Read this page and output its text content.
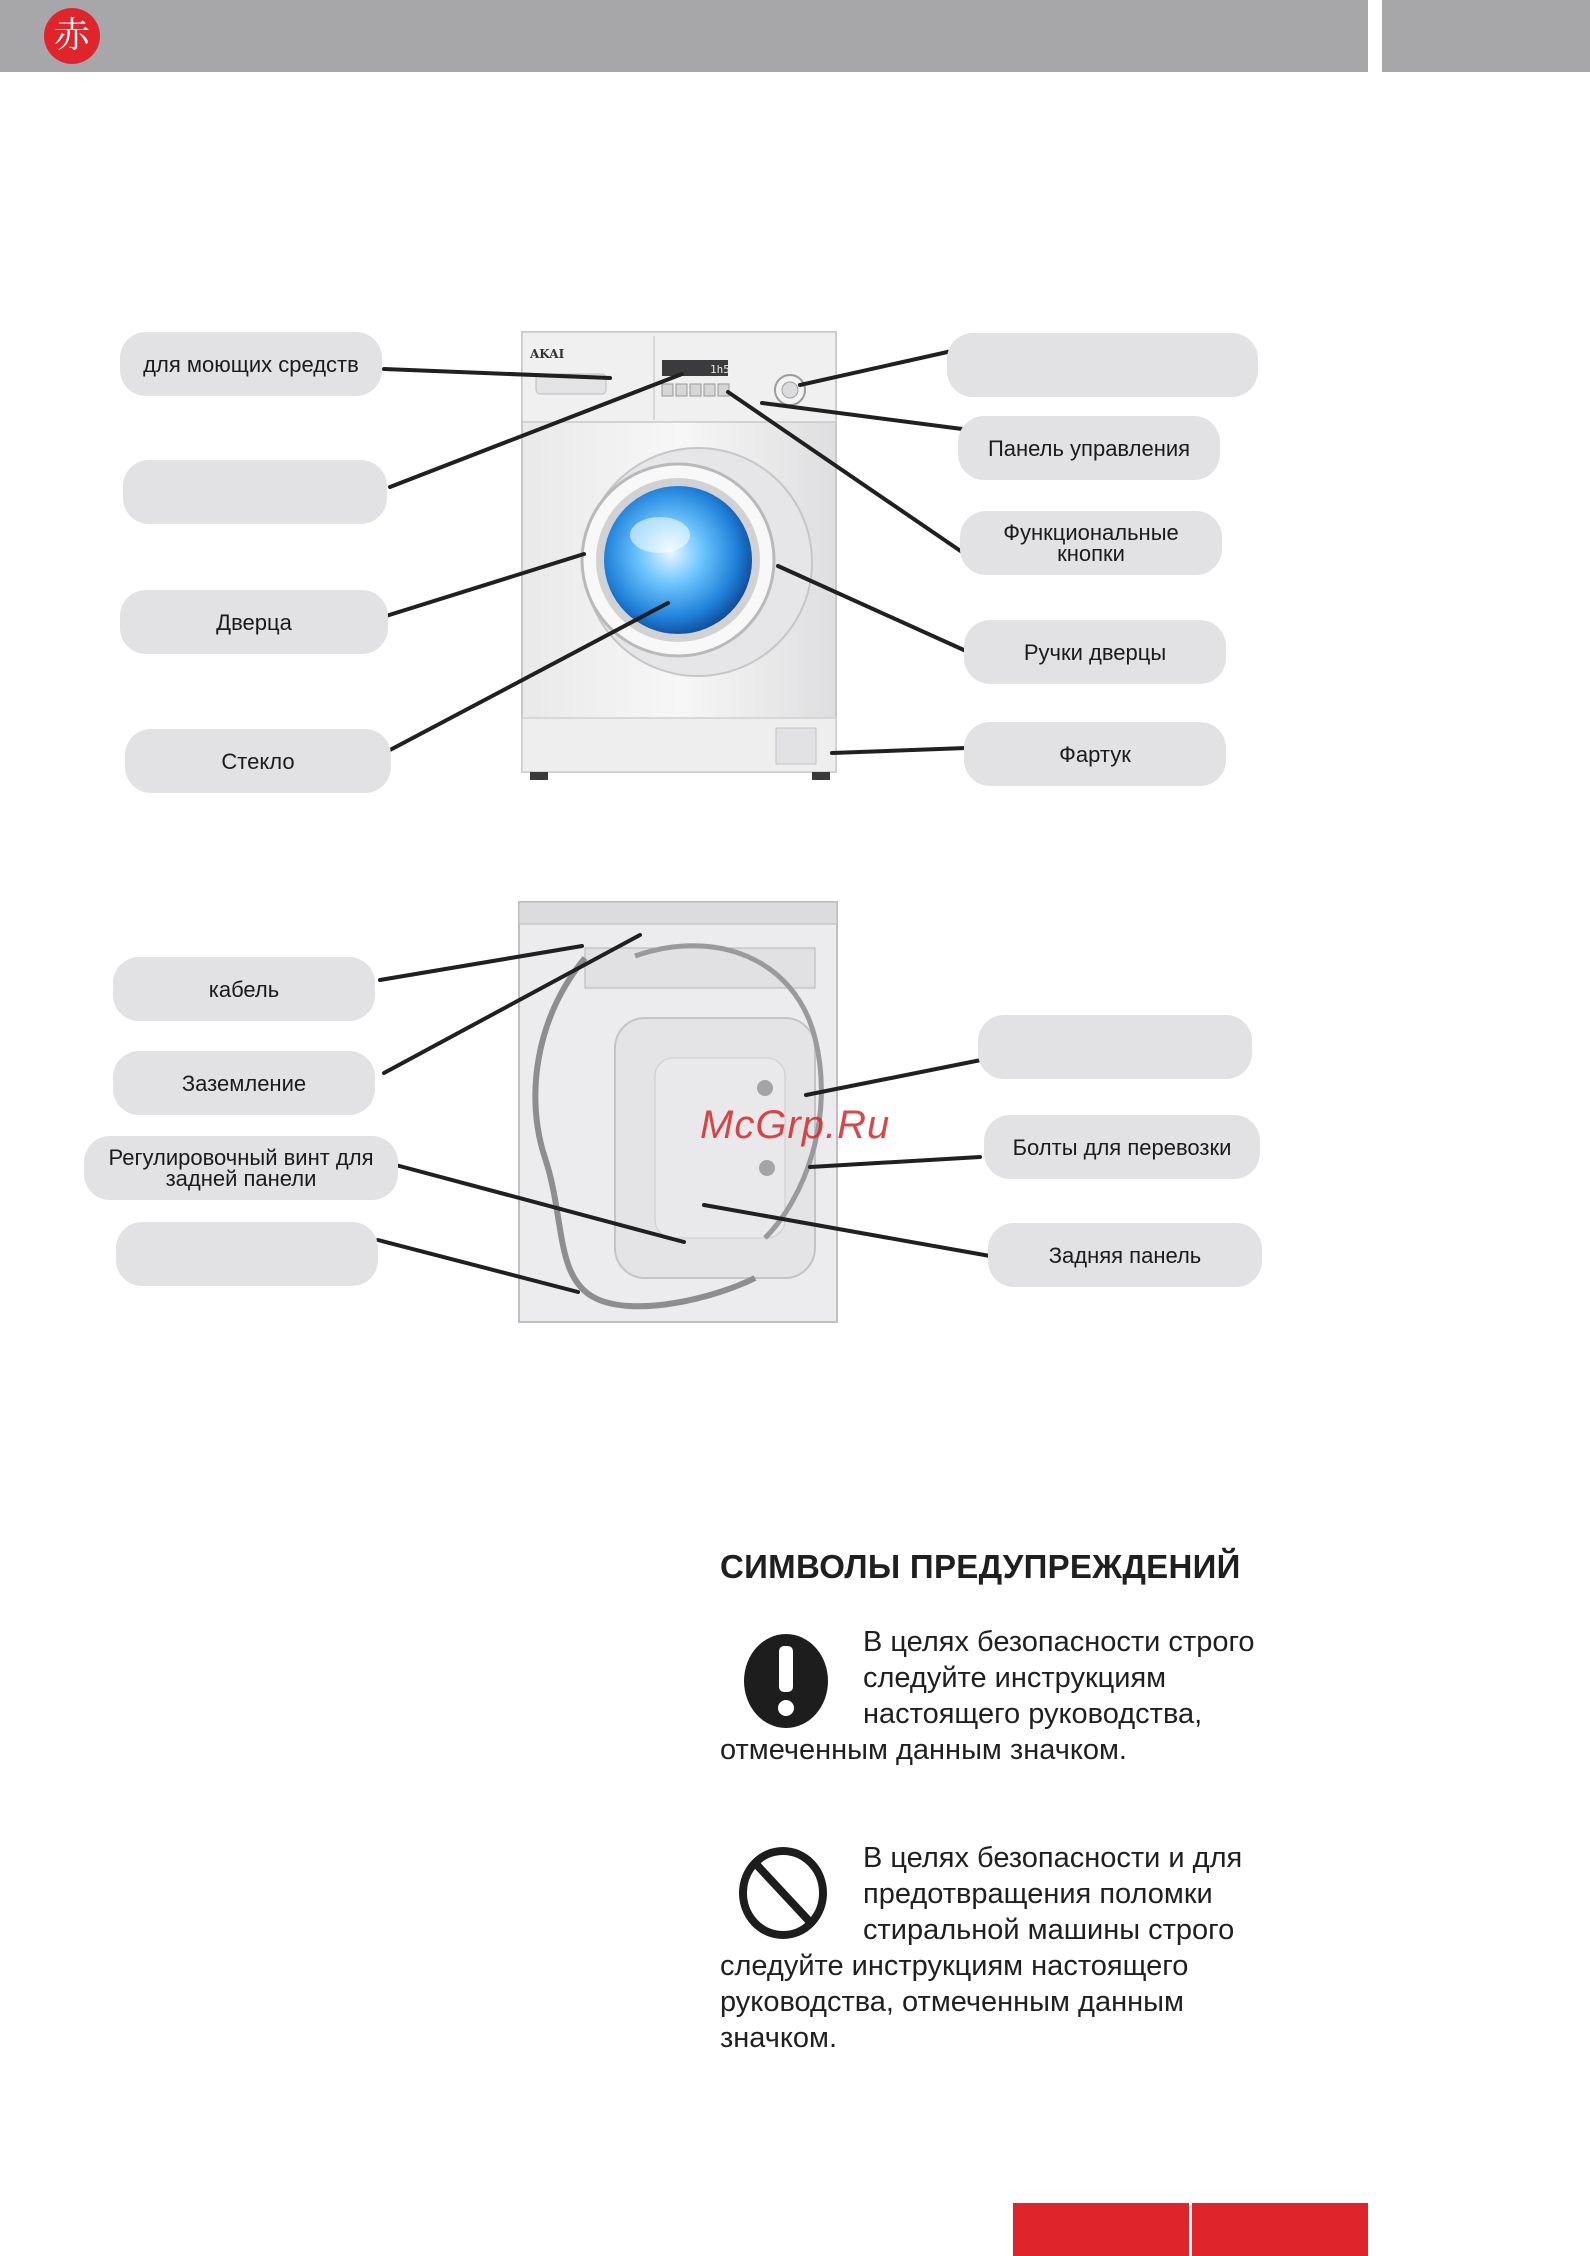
赤
AKAI
1h5
для моющих средств
Дверца
Стекло
Панель управления
Функциональные кнопки
Ручки дверцы
Фартук
кабель
Заземление
Регулировочный винт для задней панели
Болты для перевозки
Задняя панель
McGrp.Ru
СИМВОЛЫ ПРЕДУПРЕЖДЕНИЙ
В целях безопасности строго
следуйте инструкциям
настоящего руководства,
отмеченным данным значком.
В целях безопасности и для
предотвращения поломки
стиральной машины строго
следуйте инструкциям настоящего
руководства, отмеченным данным
значком.
